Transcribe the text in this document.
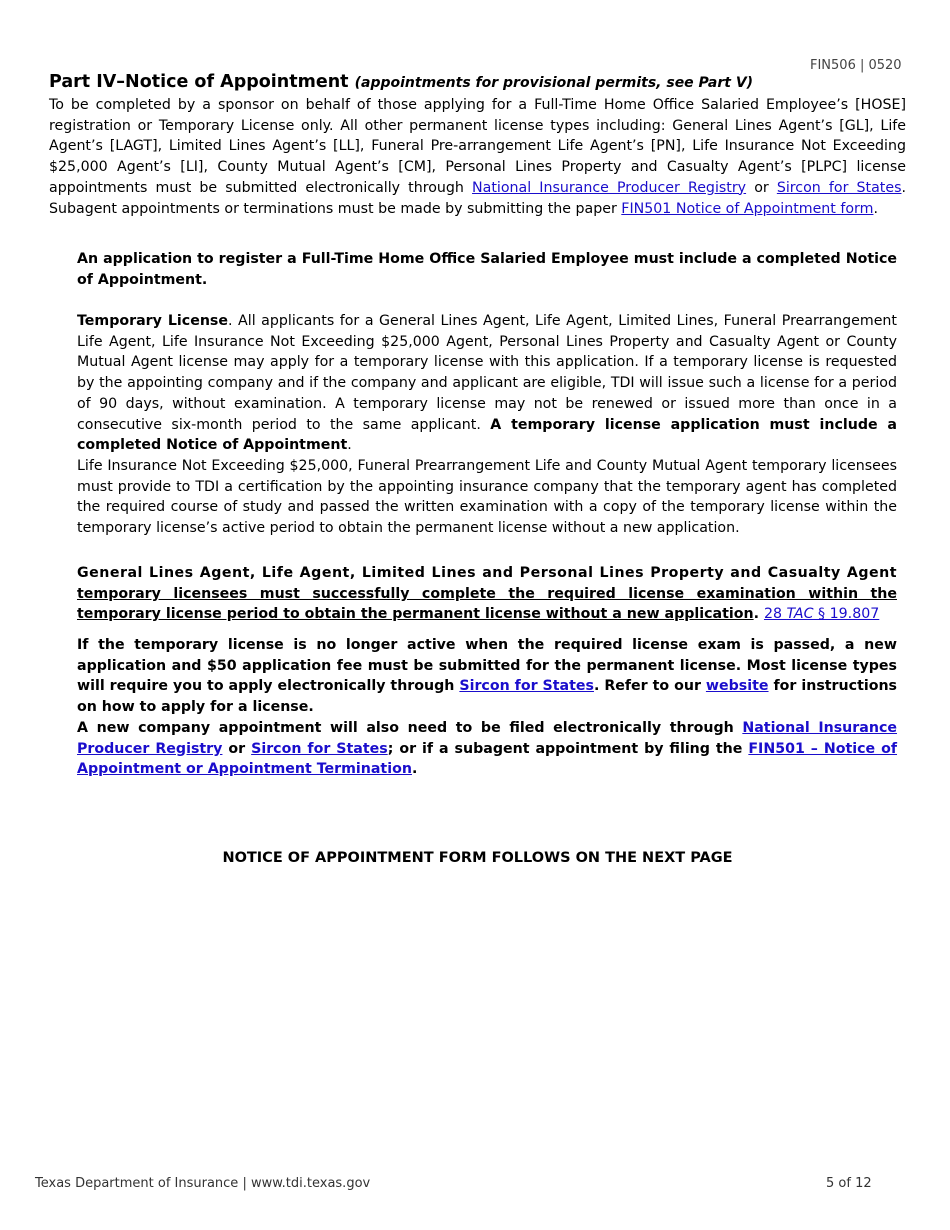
FIN506 | 0520
Part IV–Notice of Appointment (appointments for provisional permits, see Part V)
To be completed by a sponsor on behalf of those applying for a Full-Time Home Office Salaried Employee’s [HOSE] registration or Temporary License only. All other permanent license types including: General Lines Agent’s [GL], Life Agent’s [LAGT], Limited Lines Agent’s [LL], Funeral Pre-arrangement Life Agent’s [PN], Life Insurance Not Exceeding $25,000 Agent’s [LI], County Mutual Agent’s [CM], Personal Lines Property and Casualty Agent’s [PLPC] license appointments must be submitted electronically through National Insurance Producer Registry or Sircon for States. Subagent appointments or terminations must be made by submitting the paper FIN501 Notice of Appointment form.
An application to register a Full-Time Home Office Salaried Employee must include a completed Notice of Appointment.
Temporary License. All applicants for a General Lines Agent, Life Agent, Limited Lines, Funeral Prearrangement Life Agent, Life Insurance Not Exceeding $25,000 Agent, Personal Lines Property and Casualty Agent or County Mutual Agent license may apply for a temporary license with this application. If a temporary license is requested by the appointing company and if the company and applicant are eligible, TDI will issue such a license for a period of 90 days, without examination. A temporary license may not be renewed or issued more than once in a consecutive six-month period to the same applicant. A temporary license application must include a completed Notice of Appointment.
Life Insurance Not Exceeding $25,000, Funeral Prearrangement Life and County Mutual Agent temporary licensees must provide to TDI a certification by the appointing insurance company that the temporary agent has completed the required course of study and passed the written examination with a copy of the temporary license within the temporary license’s active period to obtain the permanent license without a new application.
General Lines Agent, Life Agent, Limited Lines and Personal Lines Property and Casualty Agent temporary licensees must successfully complete the required license examination within the temporary license period to obtain the permanent license without a new application. 28 TAC § 19.807
If the temporary license is no longer active when the required license exam is passed, a new application and $50 application fee must be submitted for the permanent license. Most license types will require you to apply electronically through Sircon for States. Refer to our website for instructions on how to apply for a license.
A new company appointment will also need to be filed electronically through National Insurance Producer Registry or Sircon for States; or if a subagent appointment by filing the FIN501 – Notice of Appointment or Appointment Termination.
NOTICE OF APPOINTMENT FORM FOLLOWS ON THE NEXT PAGE
Texas Department of Insurance | www.tdi.texas.gov	5 of 12
